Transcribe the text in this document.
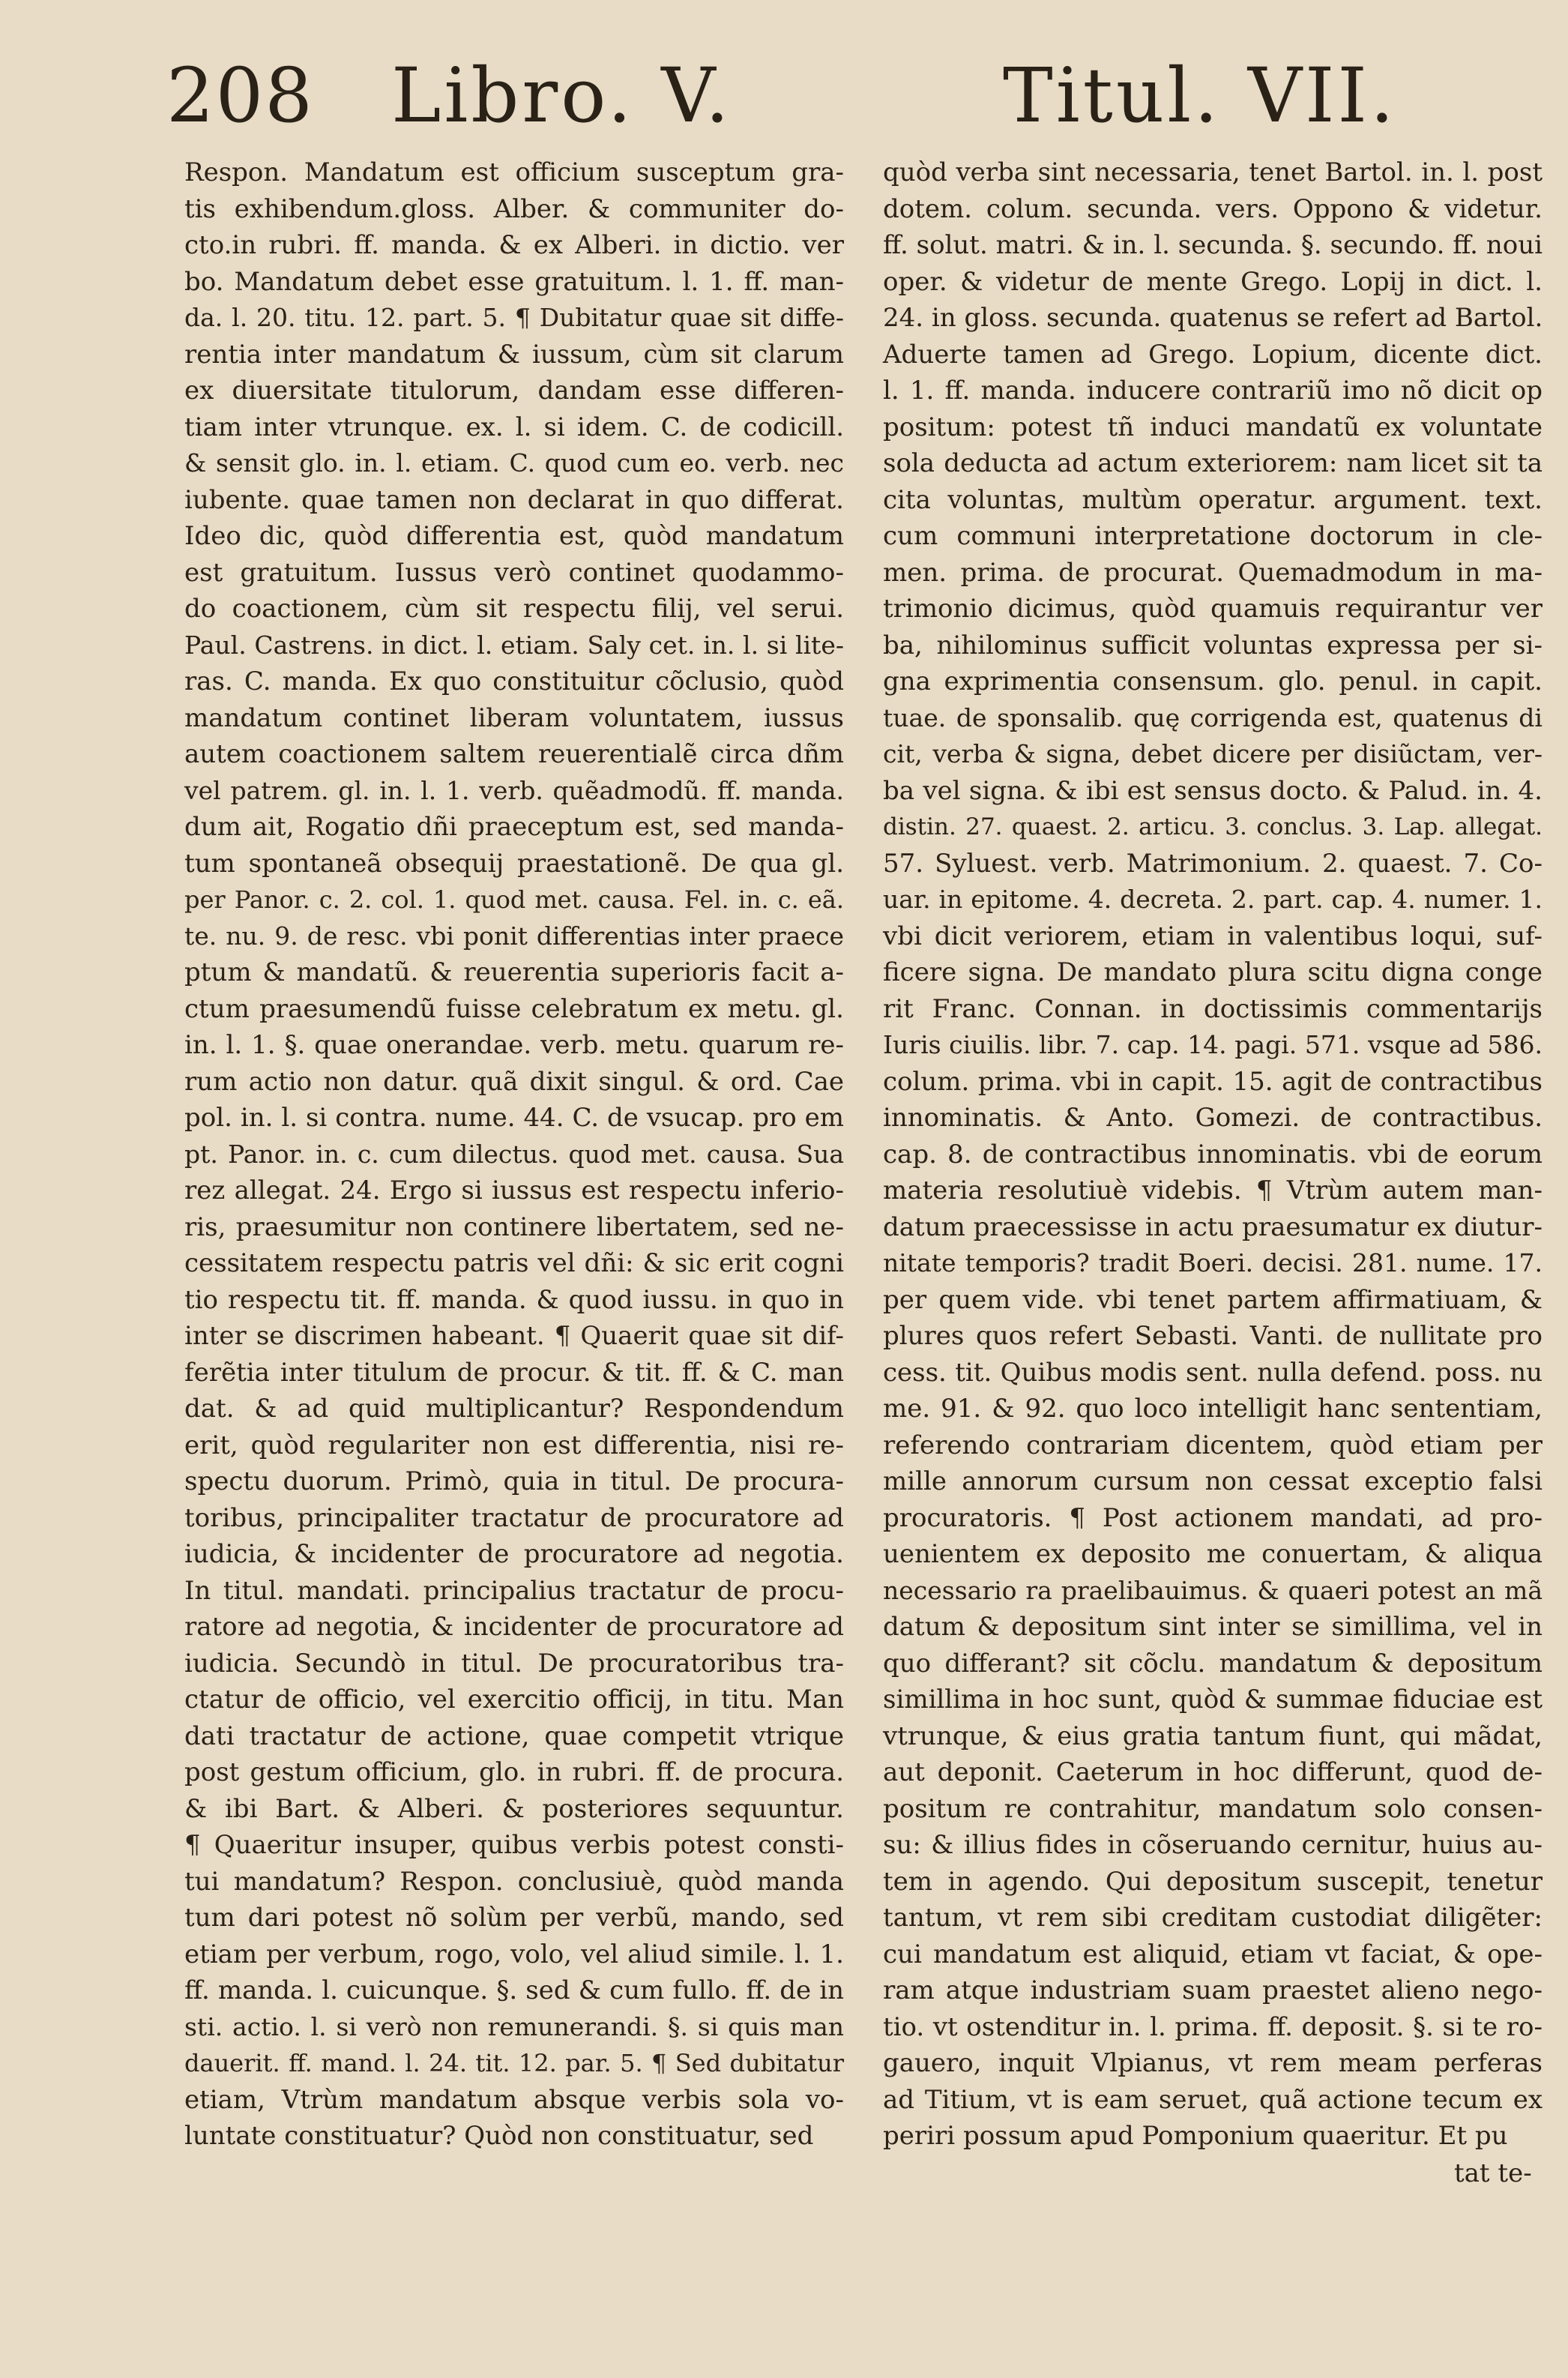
208 Libro. V.	Titul. VII.
Respon. Mandatum est officium susceptum gra-
tis exhibendum.gloss. Alber. & communiter do-
cto.in rubri. ff. manda. & ex Alberi. in dictio. ver
bo. Mandatum debet esse gratuitum. l. 1. ff. man-
da. l. 20. titu. 12. part. 5. ¶ Dubitatur quae sit diffe-
rentia inter mandatum & iussum, cùm sit clarum
ex diuersitate titulorum, dandam esse differen-
tiam inter vtrunque. ex. l. si idem. C. de codicill.
& sensit glo. in. l. etiam. C. quod cum eo. verb. nec
iubente. quae tamen non declarat in quo differat.
Ideo dic, quòd differentia est, quòd mandatum
est gratuitum. Iussus verò continet quodammo-
do coactionem, cùm sit respectu filij, vel serui.
Paul. Castrens. in dict. l. etiam. Saly cet. in. l. si lite-
ras. C. manda. Ex quo constituitur cõclusio, quòd
mandatum continet liberam voluntatem, iussus
autem coactionem saltem reuerentialẽ circa dñm
vel patrem. gl. in. l. 1. verb. quẽadmodũ. ff. manda.
dum ait, Rogatio dñi praeceptum est, sed manda-
tum spontaneã obsequij praestationẽ. De qua gl.
per Panor. c. 2. col. 1. quod met. causa. Fel. in. c. eã.
te. nu. 9. de resc. vbi ponit differentias inter praece
ptum & mandatũ. & reuerentia superioris facit a-
ctum praesumendũ fuisse celebratum ex metu. gl.
in. l. 1. §. quae onerandae. verb. metu. quarum re-
rum actio non datur. quã dixit singul. & ord. Cae
pol. in. l. si contra. nume. 44. C. de vsucap. pro em
pt. Panor. in. c. cum dilectus. quod met. causa. Sua
rez allegat. 24. Ergo si iussus est respectu inferio-
ris, praesumitur non continere libertatem, sed ne-
cessitatem respectu patris vel dñi: & sic erit cogni
tio respectu tit. ff. manda. & quod iussu. in quo in
inter se discrimen habeant. ¶ Quaerit quae sit dif-
ferẽtia inter titulum de procur. & tit. ff. & C. man
dat. & ad quid multiplicantur? Respondendum
erit, quòd regulariter non est differentia, nisi re-
spectu duorum. Primò, quia in titul. De procura-
toribus, principaliter tractatur de procuratore ad
iudicia, & incidenter de procuratore ad negotia.
In titul. mandati. principalius tractatur de procu-
ratore ad negotia, & incidenter de procuratore ad
iudicia. Secundò in titul. De procuratoribus tra-
ctatur de officio, vel exercitio officij, in titu. Man
dati tractatur de actione, quae competit vtrique
post gestum officium, glo. in rubri. ff. de procura.
& ibi Bart. & Alberi. & posteriores sequuntur.
¶ Quaeritur insuper, quibus verbis potest consti-
tui mandatum? Respon. conclusiuè, quòd manda
tum dari potest nõ solùm per verbũ, mando, sed
etiam per verbum, rogo, volo, vel aliud simile. l. 1.
ff. manda. l. cuicunque. §. sed & cum fullo. ff. de in
sti. actio. l. si verò non remunerandi. §. si quis man
dauerit. ff. mand. l. 24. tit. 12. par. 5. ¶ Sed dubitatur
etiam, Vtrùm mandatum absque verbis sola vo-
luntate constituatur? Quòd non constituatur, sed
quòd verba sint necessaria, tenet Bartol. in. l. post
dotem. colum. secunda. vers. Oppono & videtur.
ff. solut. matri. & in. l. secunda. §. secundo. ff. noui
oper. & videtur de mente Grego. Lopij in dict. l.
24. in gloss. secunda. quatenus se refert ad Bartol.
Aduerte tamen ad Grego. Lopium, dicente dict.
l. 1. ff. manda. inducere contrariũ imo nõ dicit op
positum: potest tñ induci mandatũ ex voluntate
sola deducta ad actum exteriorem: nam licet sit ta
cita voluntas, multùm operatur. argument. text.
cum communi interpretatione doctorum in cle-
men. prima. de procurat. Quemadmodum in ma-
trimonio dicimus, quòd quamuis requirantur ver
ba, nihilominus sufficit voluntas expressa per si-
gna exprimentia consensum. glo. penul. in capit.
tuae. de sponsalib. quę corrigenda est, quatenus di
cit, verba & signa, debet dicere per disiũctam, ver-
ba vel signa. & ibi est sensus docto. & Palud. in. 4.
distin. 27. quaest. 2. articu. 3. conclus. 3. Lap. allegat.
57. Syluest. verb. Matrimonium. 2. quaest. 7. Co-
uar. in epitome. 4. decreta. 2. part. cap. 4. numer. 1.
vbi dicit veriorem, etiam in valentibus loqui, suf-
ficere signa. De mandato plura scitu digna conge
rit Franc. Connan. in doctissimis commentarijs
Iuris ciuilis. libr. 7. cap. 14. pagi. 571. vsque ad 586.
colum. prima. vbi in capit. 15. agit de contractibus
innominatis. & Anto. Gomezi. de contractibus.
cap. 8. de contractibus innominatis. vbi de eorum
materia resolutiuè videbis. ¶ Vtrùm autem man-
datum praecessisse in actu praesumatur ex diutur-
nitate temporis? tradit Boeri. decisi. 281. nume. 17.
per quem vide. vbi tenet partem affirmatiuam, &
plures quos refert Sebasti. Vanti. de nullitate pro
cess. tit. Quibus modis sent. nulla defend. poss. nu
me. 91. & 92. quo loco intelligit hanc sententiam,
referendo contrariam dicentem, quòd etiam per
mille annorum cursum non cessat exceptio falsi
procuratoris. ¶ Post actionem mandati, ad pro-
uenientem ex deposito me conuertam, & aliqua
necessario ra praelibauimus. & quaeri potest an mã
datum & depositum sint inter se simillima, vel in
quo differant? sit cõclu. mandatum & depositum
simillima in hoc sunt, quòd & summae fiduciae est
vtrunque, & eius gratia tantum fiunt, qui mãdat,
aut deponit. Caeterum in hoc differunt, quod de-
positum re contrahitur, mandatum solo consen-
su: & illius fides in cõseruando cernitur, huius au-
tem in agendo. Qui depositum suscepit, tenetur
tantum, vt rem sibi creditam custodiat diligẽter:
cui mandatum est aliquid, etiam vt faciat, & ope-
ram atque industriam suam praestet alieno nego-
tio. vt ostenditur in. l. prima. ff. deposit. §. si te ro-
gauero, inquit Vlpianus, vt rem meam perferas
ad Titium, vt is eam seruet, quã actione tecum ex
periri possum apud Pomponium quaeritur. Et pu
tat te-
